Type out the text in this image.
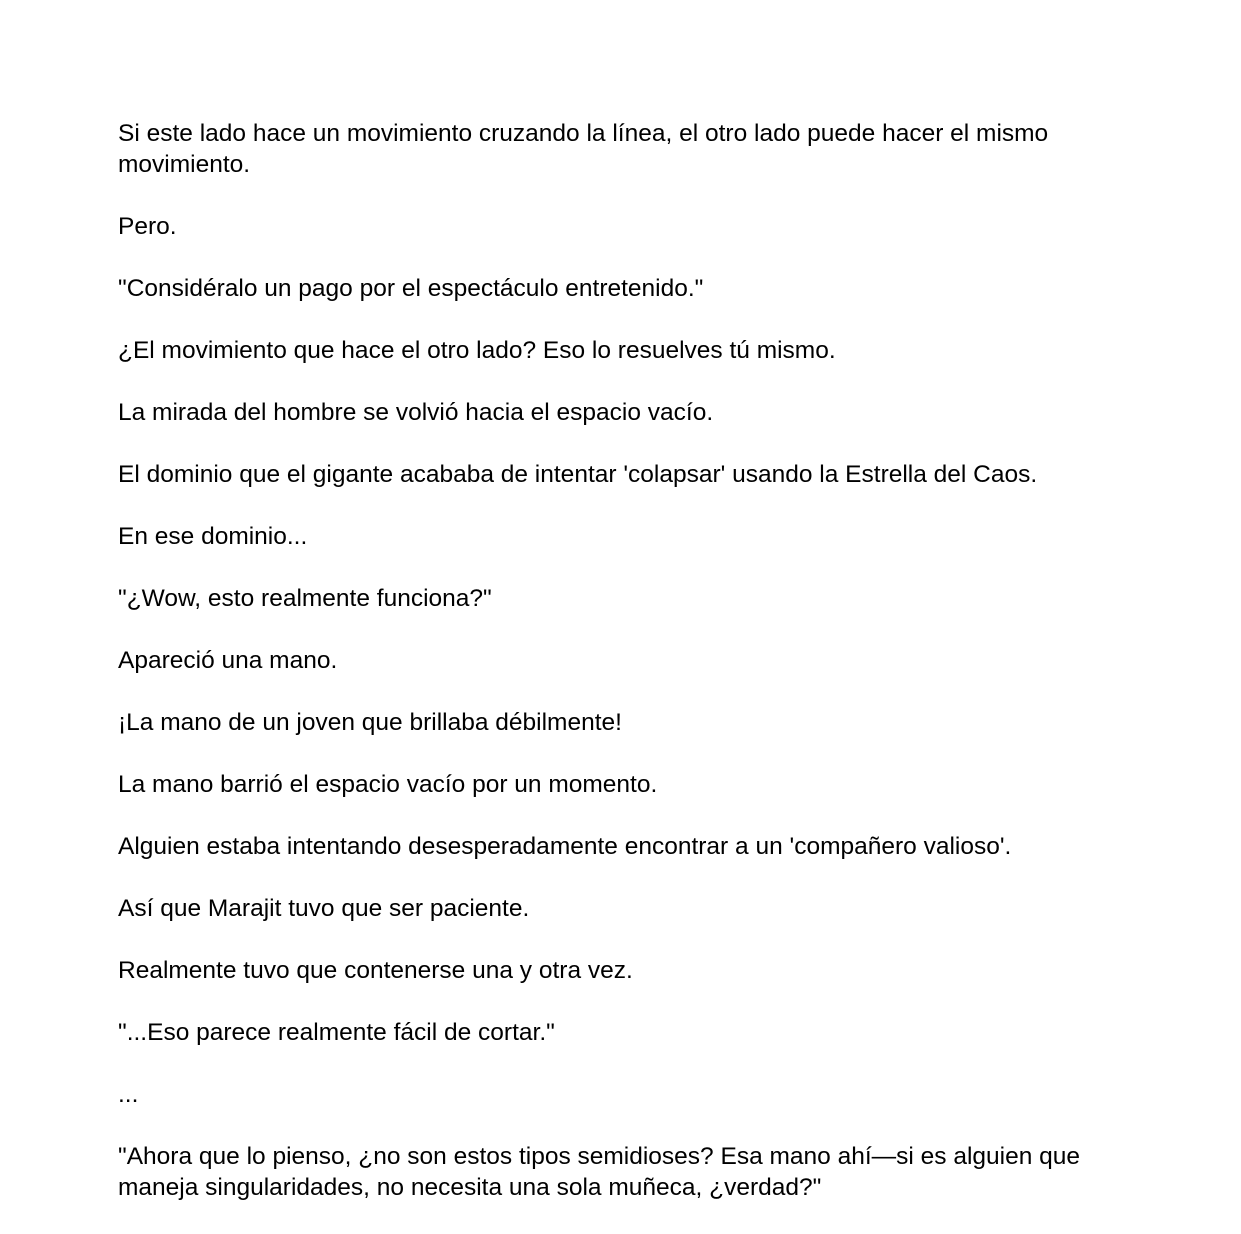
Si este lado hace un movimiento cruzando la línea, el otro lado puede hacer el mismo movimiento.

Pero.

"Considéralo un pago por el espectáculo entretenido."

¿El movimiento que hace el otro lado? Eso lo resuelves tú mismo.

La mirada del hombre se volvió hacia el espacio vacío.

El dominio que el gigante acababa de intentar 'colapsar' usando la Estrella del Caos.

En ese dominio...

"¿Wow, esto realmente funciona?"

Apareció una mano.

¡La mano de un joven que brillaba débilmente!

La mano barrió el espacio vacío por un momento.

Alguien estaba intentando desesperadamente encontrar a un 'compañero valioso'.

Así que Marajit tuvo que ser paciente.

Realmente tuvo que contenerse una y otra vez.

"...Eso parece realmente fácil de cortar."

...

"Ahora que lo pienso, ¿no son estos tipos semidioses? Esa mano ahí—si es alguien que maneja singularidades, no necesita una sola muñeca, ¿verdad?"
